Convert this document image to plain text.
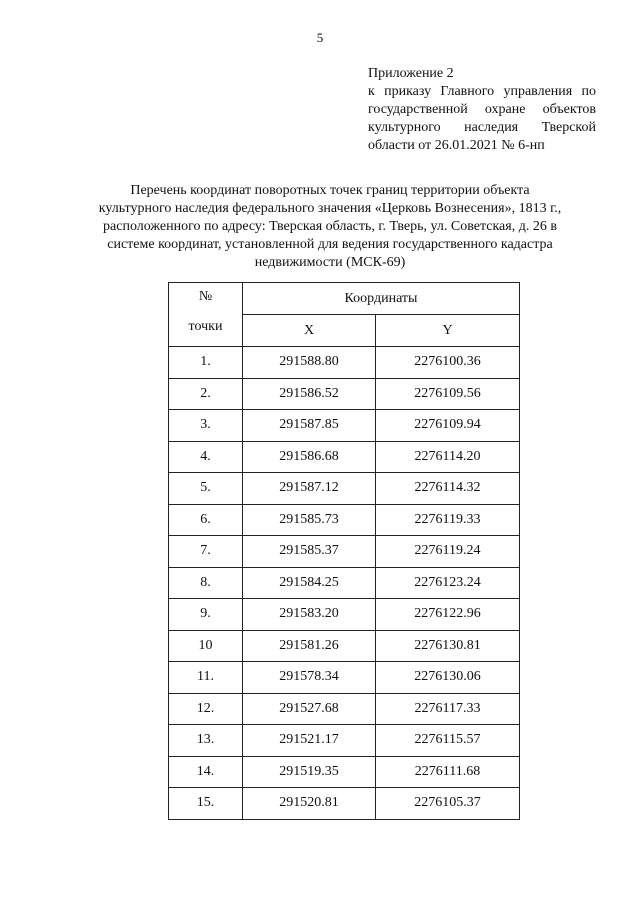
5
Приложение 2
к приказу Главного управления по
государственной охране объектов
культурного наследия Тверской
области от 26.01.2021 № 6-нп
Перечень координат поворотных точек границ территории объекта
культурного наследия федерального значения «Церковь Вознесения», 1813 г.,
расположенного по адресу: Тверская область, г. Тверь, ул. Советская, д. 26 в
системе координат, установленной для ведения государственного кадастра
недвижимости (МСК-69)
№
точки	Координаты	
	X	Y
1.	291588.80	2276100.36
2.	291586.52	2276109.56
3.	291587.85	2276109.94
4.	291586.68	2276114.20
5.	291587.12	2276114.32
6.	291585.73	2276119.33
7.	291585.37	2276119.24
8.	291584.25	2276123.24
9.	291583.20	2276122.96
10	291581.26	2276130.81
11.	291578.34	2276130.06
12.	291527.68	2276117.33
13.	291521.17	2276115.57
14.	291519.35	2276111.68
15.	291520.81	2276105.37
